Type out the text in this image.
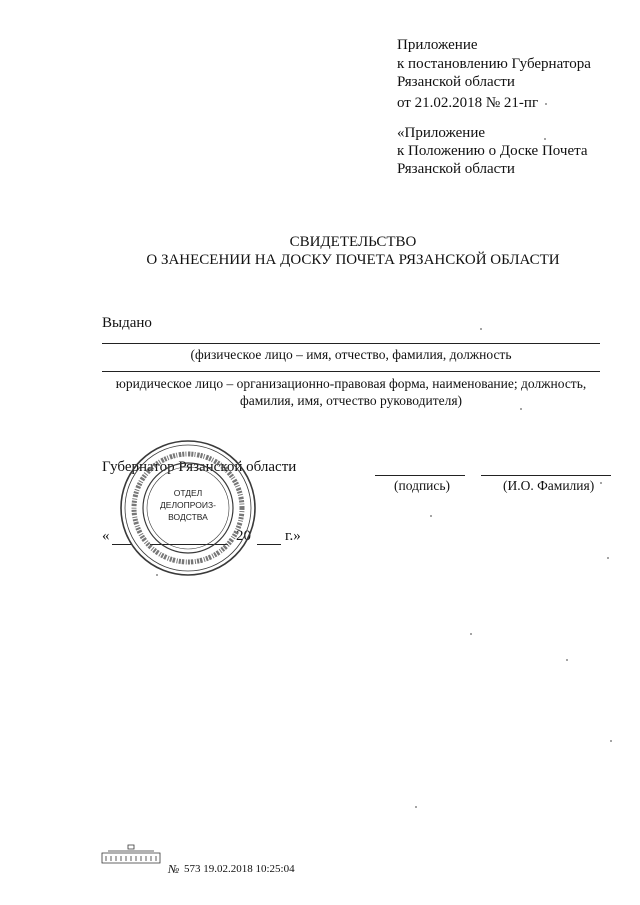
Приложение
к постановлению Губернатора
Рязанской области
от 21.02.2018 № 21-пг
«Приложение
к Положению о Доске Почета
Рязанской области
СВИДЕТЕЛЬСТВО
О ЗАНЕСЕНИИ НА ДОСКУ ПОЧЕТА РЯЗАНСКОЙ ОБЛАСТИ
Выдано
(физическое лицо – имя, отчество, фамилия, должность
юридическое лицо – организационно-правовая форма, наименование; должность,
фамилия, имя, отчество руководителя)
Губернатор Рязанской области
(подпись)	(И.О. Фамилия)
«	20 г.»
ОТДЕЛ
ДЕЛОПРОИЗ-
ВОДСТВА
№ 573 19.02.2018 10:25:04
